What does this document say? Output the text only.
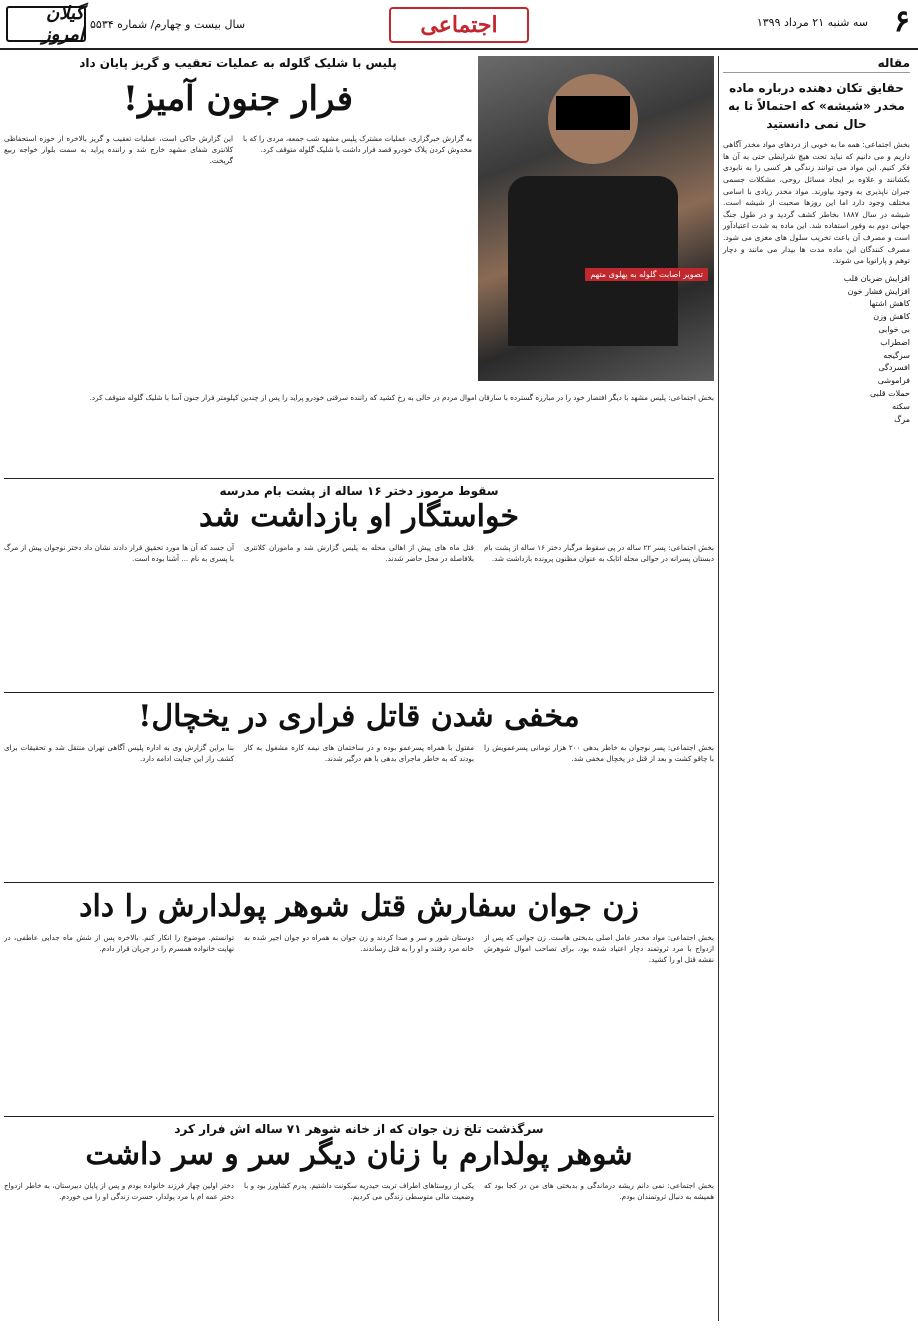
۶
سه شنبه ۲۱ مرداد ۱۳۹۹
اجتماعی
سال بیست و چهارم/ شماره ۵۵۳۴
گیلان امروز
مقاله
حقایق تکان دهنده درباره ماده مخدر «شیشه» که احتمالاً تا به حال نمی دانستید
بخش اجتماعی: همه ما به خوبی از دردهای مواد مخدر آگاهی داریم و می دانیم که نباید تحت هیچ شرایطی حتی به آن ها فکر کنیم. این مواد می توانند زندگی هر کسی را به نابودی بکشانند و علاوه بر ایجاد مسائل روحی، مشکلات جسمی جبران ناپذیری به وجود بیاورند. مواد مخدر زیادی با اسامی مختلف وجود دارد اما این روزها صحبت از شیشه است. شیشه در سال ۱۸۸۷ بخاطر کشف گردید و در طول جنگ جهانی دوم به وفور استفاده شد. این ماده به شدت اعتیادآور است و مصرف آن باعث تخریب سلول های مغزی می شود. مصرف کنندگان این ماده مدت ها بیدار می مانند و دچار توهم و پارانویا می شوند.
افزایش ضربان قلب
افزایش فشار خون
کاهش اشتها
کاهش وزن
بی خوابی
اضطراب
سرگیجه
افسردگی
فراموشی
حملات قلبی
سکته
مرگ
تصویر اصابت گلوله به پهلوی متهم
پلیس با شلیک گلوله به عملیات تعقیب و گریز پایان داد
فرار جنون آمیز!
به گزارش خبرگزاری، عملیات مشترک پلیس مشهد شب جمعه، مردی را که با مخدوش کردن پلاک خودرو قصد فرار داشت با شلیک گلوله متوقف کرد.
این گزارش حاکی است، عملیات تعقیب و گریز بالاخره از حوزه استحفاظی کلانتری شفای مشهد خارج شد و راننده پراید به سمت بلوار خواجه ربیع گریخت.
بخش اجتماعی: پلیس مشهد با دیگر افتضار خود را در مبارزه گسترده با سارقان اموال مردم در حالی به رخ کشید که راننده سرقتی خودرو پراید را پس از چندین کیلومتر فرار جنون آسا با شلیک گلوله متوقف کرد.
سقوط مرموز دختر ۱۶ ساله از پشت بام مدرسه
خواستگار او بازداشت شد
بخش اجتماعی: پسر ۲۲ ساله در پی سقوط مرگبار دختر ۱۶ ساله از پشت بام دبستان پسرانه در حوالی محله اتابک به عنوان مظنون پرونده بازداشت شد.
قتل ماه های پیش از اهالی محله به پلیس گزارش شد و ماموران کلانتری بلافاصله در محل حاضر شدند.
آن جسد که آن ها مورد تحقیق قرار دادند نشان داد دختر نوجوان پیش از مرگ با پسری به نام ... آشنا بوده است.
مخفی شدن قاتل فراری در یخچال!
بخش اجتماعی: پسر نوجوان به خاطر بدهی ۲۰۰ هزار تومانی پسرعمویش را با چاقو کشت و بعد از قتل در یخچال مخفی شد.
مقتول با همراه پسرعمو بوده و در ساختمان های نیمه کاره مشغول به کار بودند که به خاطر ماجرای بدهی با هم درگیر شدند.
بنا براین گزارش وی به اداره پلیس آگاهی تهران منتقل شد و تحقیقات برای کشف راز این جنایت ادامه دارد.
زن جوان سفارش قتل شوهر پولدارش را داد
بخش اجتماعی: مواد مخدر عامل اصلی بدبختی هاست. زن جوانی که پس از ازدواج با مرد ثروتمند دچار اعتیاد شده بود، برای تصاحب اموال شوهرش نقشه قتل او را کشید.
دوستان شور و سر و صدا کردند و زن جوان به همراه دو جوان اجیر شده به خانه مرد رفتند و او را به قتل رساندند.
توانستم. موضوع را انکار کنم. بالاخره پس از شش ماه جدایی عاطفی، در نهایت خانواده همسرم را در جریان قرار دادم.
سرگذشت تلخ زن جوان که از خانه شوهر ۷۱ ساله اش فرار کرد
شوهر پولدارم با زنان دیگر سر و سر داشت
بخش اجتماعی: نمی دانم ریشه درماندگی و بدبختی های من در کجا بود که همیشه به دنبال ثروتمندان بودم.
یکی از روستاهای اطراف تربت حیدریه سکونت داشتیم. پدرم کشاورز بود و با وضعیت مالی متوسطی زندگی می کردیم.
دختر اولین چهار فرزند خانواده بودم و پس از پایان دبیرستان، به خاطر ازدواج دختر عمه ام با مرد پولدار، حسرت زندگی او را می خوردم.
